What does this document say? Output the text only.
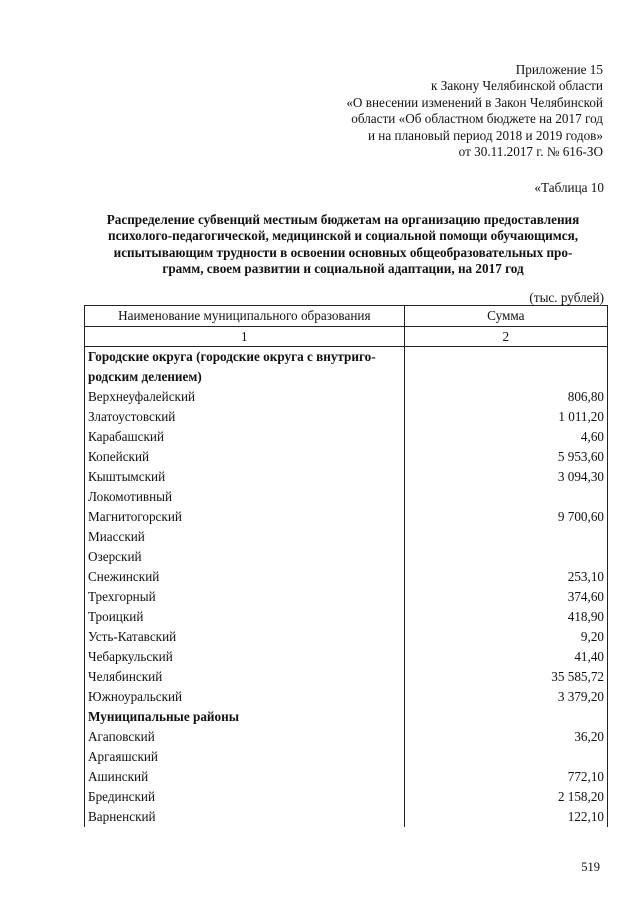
Приложение 15
к Закону Челябинской области
«О внесении изменений в Закон Челябинской
области «Об областном бюджете на 2017 год
и на плановый период 2018 и 2019 годов»
от 30.11.2017 г. № 616-ЗО
«Таблица 10
Распределение субвенций местным бюджетам на организацию предоставления
психолого-педагогической, медицинской и социальной помощи обучающимся,
испытывающим трудности в освоении основных общеобразовательных про-
грамм, своем развитии и социальной адаптации, на 2017 год
(тыс. рублей)
Наименование муниципального образования	Сумма
1	2

Городские округа (городские округа с внутриго-
родским делением)	

Верхнеуфалейский	806,80
Златоустовский	1 011,20
Карабашский	4,60
Копейский	5 953,60
Кыштымский	3 094,30
Локомотивный	
Магнитогорский	9 700,60
Миасский	
Озерский	
Снежинский	253,10
Трехгорный	374,60
Троицкий	418,90
Усть-Катавский	9,20
Чебаркульский	41,40
Челябинский	35 585,72
Южноуральский	3 379,20
Муниципальные районы	
Агаповский	36,20
Аргаяшский	
Ашинский	772,10
Брединский	2 158,20
Варненский	122,10
519
